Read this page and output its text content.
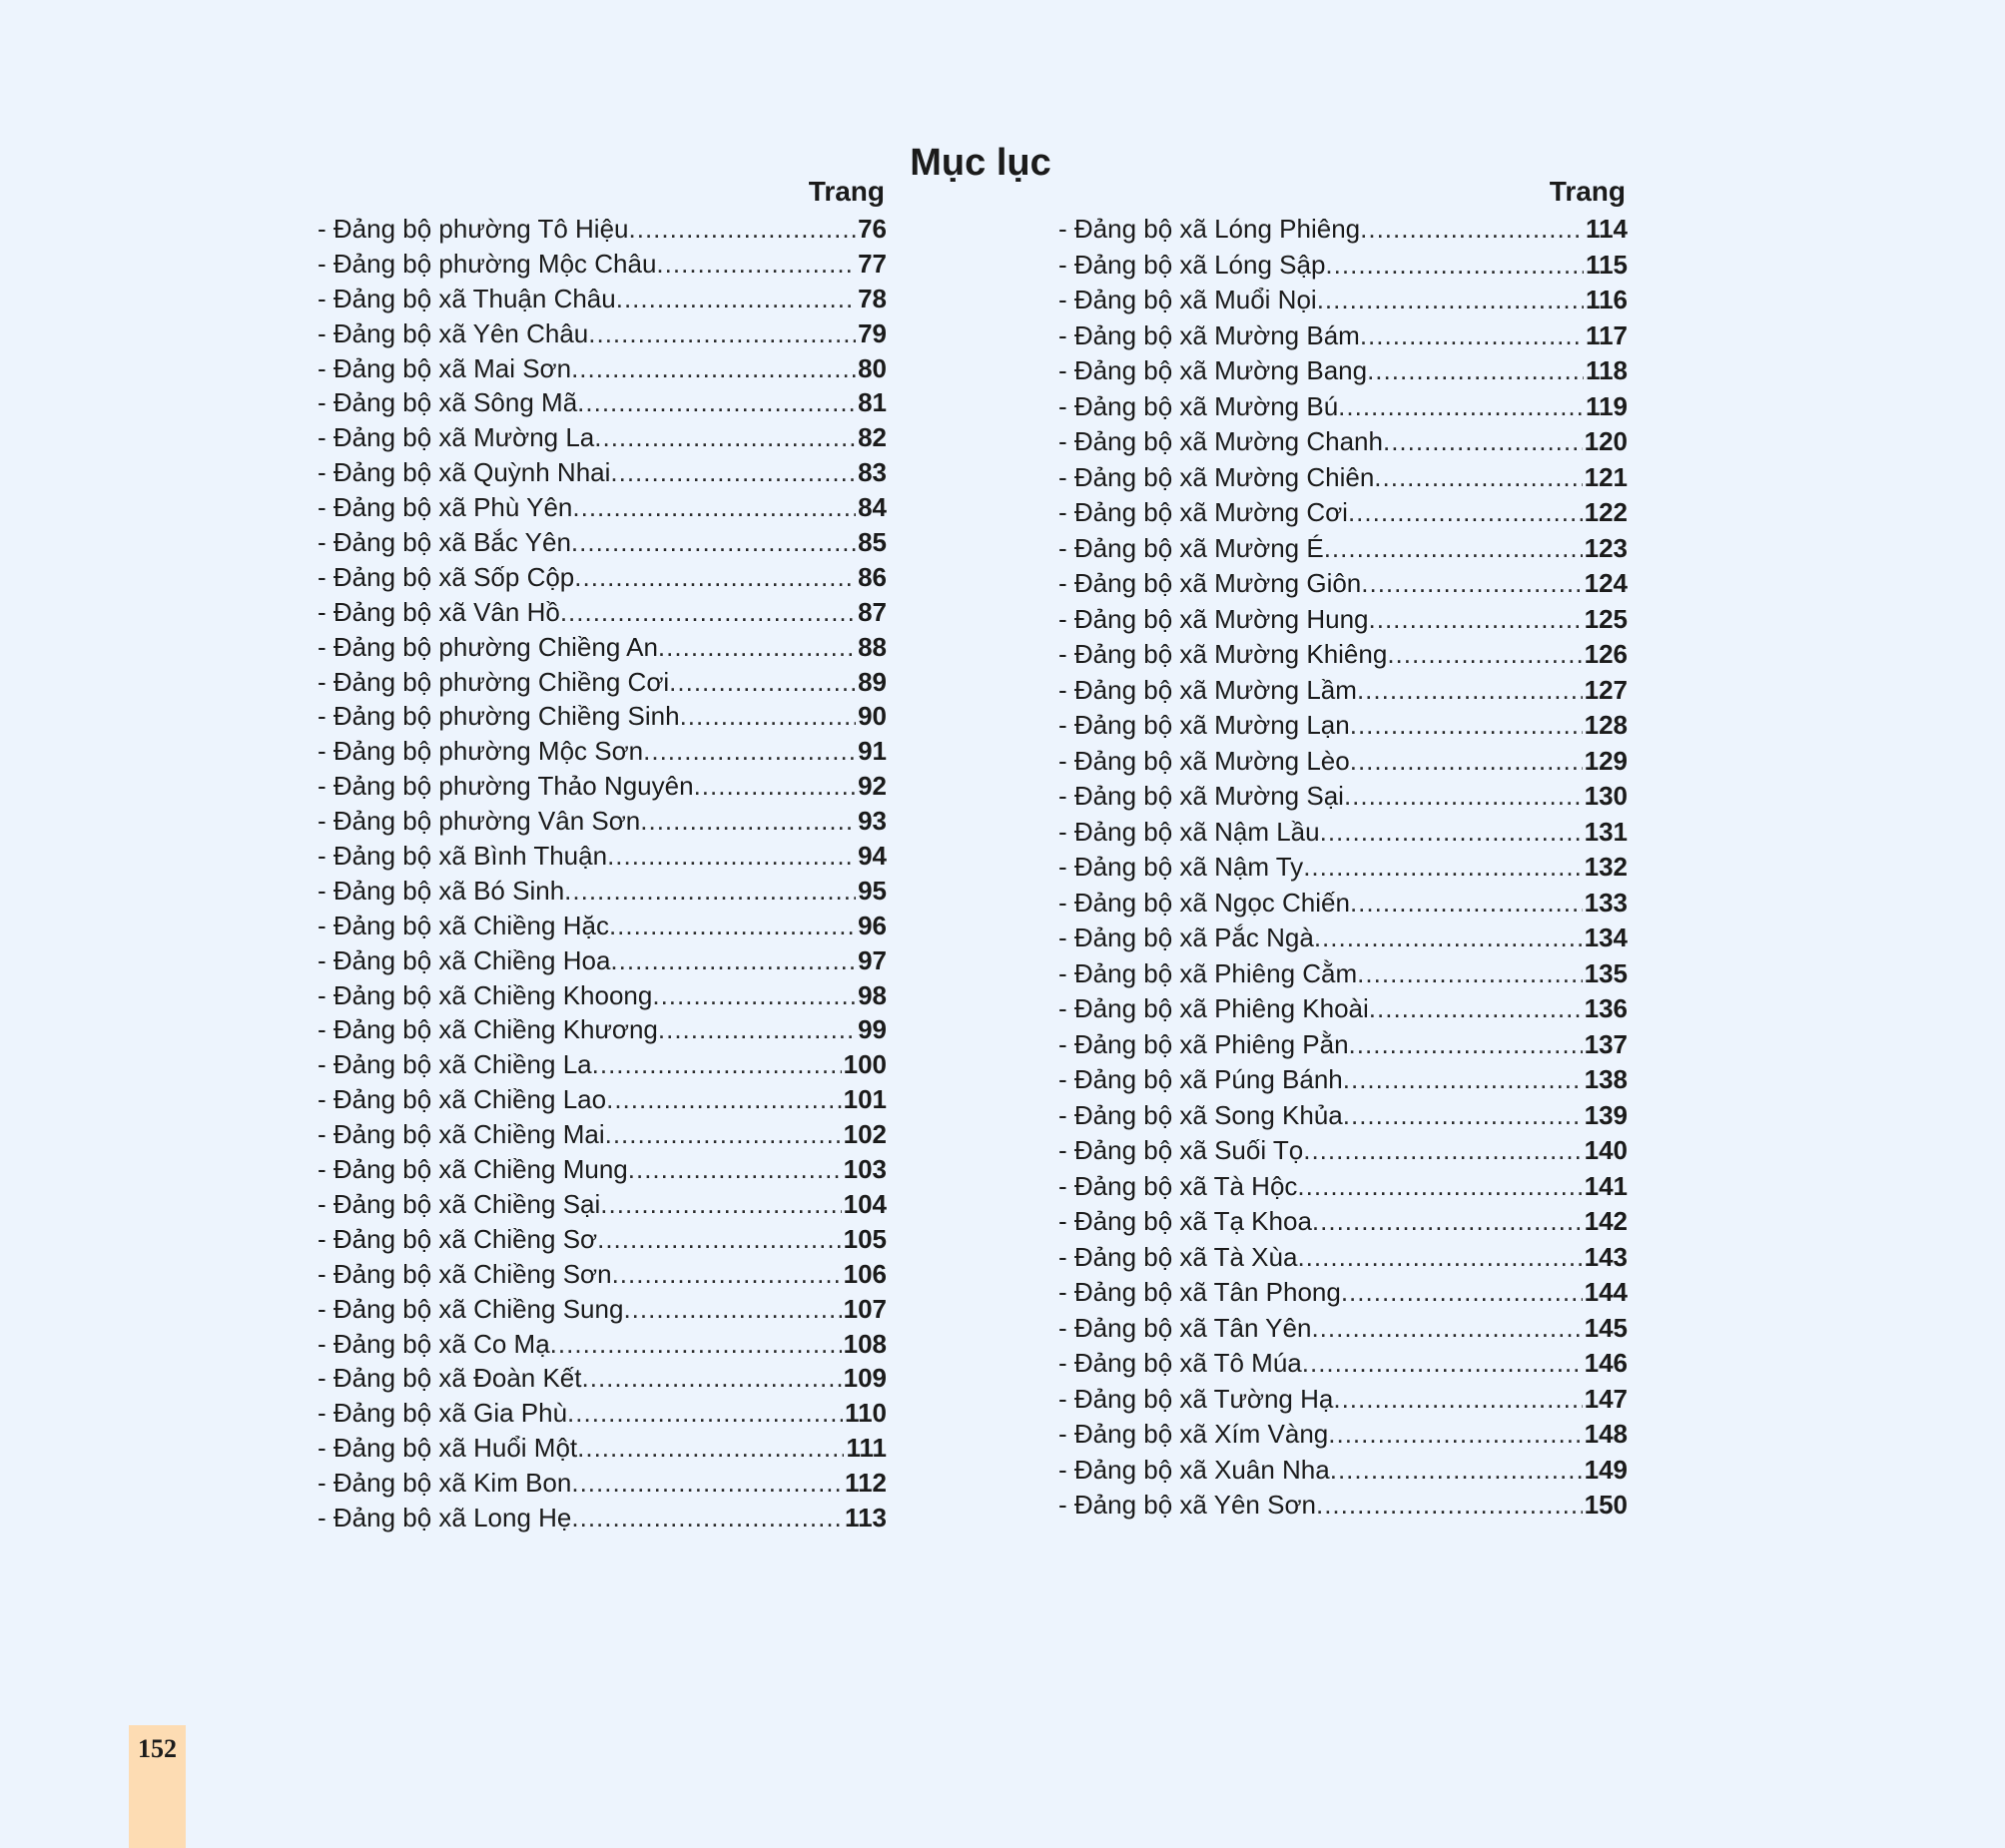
Mục lục
Trang
- Đảng bộ phường Tô Hiệu .....	76
- Đảng bộ phường Mộc Châu .....	77
- Đảng bộ xã Thuận Châu .....	78
- Đảng bộ xã Yên Châu .....	79
- Đảng bộ xã Mai Sơn .....	80
- Đảng bộ xã Sông Mã .....	81
- Đảng bộ xã Mường La .....	82
- Đảng bộ xã Quỳnh Nhai .....	83
- Đảng bộ xã Phù Yên .....	84
- Đảng bộ xã Bắc Yên .....	85
- Đảng bộ xã Sốp Cộp .....	86
- Đảng bộ xã Vân Hồ .....	87
- Đảng bộ phường Chiềng An .....	88
- Đảng bộ phường Chiềng Cơi .....	89
- Đảng bộ phường Chiềng Sinh .....	90
- Đảng bộ phường Mộc Sơn .....	91
- Đảng bộ phường Thảo Nguyên .....	92
- Đảng bộ phường Vân Sơn .....	93
- Đảng bộ xã Bình Thuận .....	94
- Đảng bộ xã Bó Sinh .....	95
- Đảng bộ xã Chiềng Hặc .....	96
- Đảng bộ xã Chiềng Hoa .....	97
- Đảng bộ xã Chiềng Khoong .....	98
- Đảng bộ xã Chiềng Khương .....	99
- Đảng bộ xã Chiềng La .....	100
- Đảng bộ xã Chiềng Lao .....	101
- Đảng bộ xã Chiềng Mai .....	102
- Đảng bộ xã Chiềng Mung .....	103
- Đảng bộ xã Chiềng Sại .....	104
- Đảng bộ xã Chiềng Sơ .....	105
- Đảng bộ xã Chiềng Sơn .....	106
- Đảng bộ xã Chiềng Sung .....	107
- Đảng bộ xã Co Mạ .....	108
- Đảng bộ xã Đoàn Kết .....	109
- Đảng bộ xã Gia Phù .....	110
- Đảng bộ xã Huổi Một .....	111
- Đảng bộ xã Kim Bon .....	112
- Đảng bộ xã Long Hẹ .....	113
Trang
- Đảng bộ xã Lóng Phiêng .....	114
- Đảng bộ xã Lóng Sập .....	115
- Đảng bộ xã Muổi Nọi .....	116
- Đảng bộ xã Mường Bám .....	117
- Đảng bộ xã Mường Bang .....	118
- Đảng bộ xã Mường Bú .....	119
- Đảng bộ xã Mường Chanh .....	120
- Đảng bộ xã Mường Chiên .....	121
- Đảng bộ xã Mường Cơi .....	122
- Đảng bộ xã Mường É .....	123
- Đảng bộ xã Mường Giôn .....	124
- Đảng bộ xã Mường Hung .....	125
- Đảng bộ xã Mường Khiêng .....	126
- Đảng bộ xã Mường Lầm .....	127
- Đảng bộ xã Mường Lạn .....	128
- Đảng bộ xã Mường Lèo .....	129
- Đảng bộ xã Mường Sại .....	130
- Đảng bộ xã Nậm Lầu .....	131
- Đảng bộ xã Nậm Ty .....	132
- Đảng bộ xã Ngọc Chiến .....	133
- Đảng bộ xã Pắc Ngà .....	134
- Đảng bộ xã Phiêng Cằm .....	135
- Đảng bộ xã Phiêng Khoài .....	136
- Đảng bộ xã Phiêng Pằn .....	137
- Đảng bộ xã Púng Bánh .....	138
- Đảng bộ xã Song Khủa .....	139
- Đảng bộ xã Suối Tọ .....	140
- Đảng bộ xã Tà Hộc .....	141
- Đảng bộ xã Tạ Khoa .....	142
- Đảng bộ xã Tà Xùa .....	143
- Đảng bộ xã Tân Phong .....	144
- Đảng bộ xã Tân Yên .....	145
- Đảng bộ xã Tô Múa .....	146
- Đảng bộ xã Tường Hạ .....	147
- Đảng bộ xã Xím Vàng .....	148
- Đảng bộ xã Xuân Nha .....	149
- Đảng bộ xã Yên Sơn .....	150
152
